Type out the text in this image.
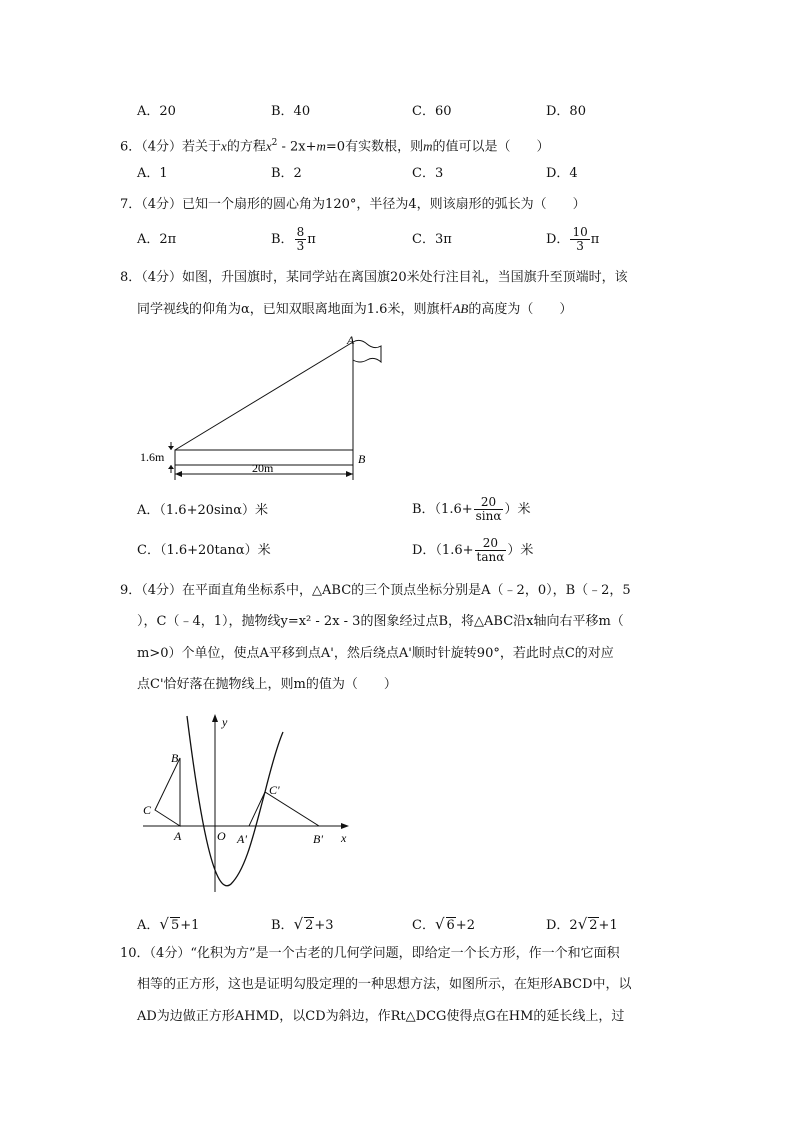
A．20	B．40	C．60	D．80
6．（4分）若关于x的方程$x^2 - 2x+m=0$有实数根，则m的值可以是（　　）
A．1	B．2	C．3	D．4
7．（4分）已知一个扇形的圆心角为120°，半径为4，则该扇形的弧长为（　　）
A．2π	B． $\frac{8}{3}$ π	C．3π	D． $\frac{10}{3}$ π
8．（4分）如图，升国旗时，某同学站在离国旗20米处行注目礼，当国旗升至顶端时，该
同学视线的仰角为α，已知双眼离地面为1.6米，则旗杆AB的高度为（　　）
A
B
1.6m
20m
A．（1.6+20sinα）米	B．（$1.6+ \frac{20}{\sin\alpha}$ ）米
C．（1.6+20tanα）米	D．（$1.6+ \frac{20}{\tan\alpha}$ ）米
9．（4分）在平面直角坐标系中，△ABC的三个顶点坐标分别是A（﹣2，0），B（﹣2，5
），C（﹣4，1），抛物线y=x² - 2x - 3的图象经过点B，将△ABC沿x轴向右平移m（
m>0）个单位，使点A平移到点A'，然后绕点A'顺时针旋转90°，若此时点C的对应
点C'恰好落在抛物线上，则m的值为（　　）
y
x
O
A
B
C
A'	B'
C'
A．√ 5+1	B．√ 2+3	C．√ 6+2	D．2√ 2+1
10．（4分）“化积为方”是一个古老的几何学问题，即给定一个长方形，作一个和它面积
相等的正方形，这也是证明勾股定理的一种思想方法，如图所示，在矩形ABCD中，以
AD为边做正方形AHMD，以CD为斜边，作Rt△DCG使得点G在HM的延长线上，过
